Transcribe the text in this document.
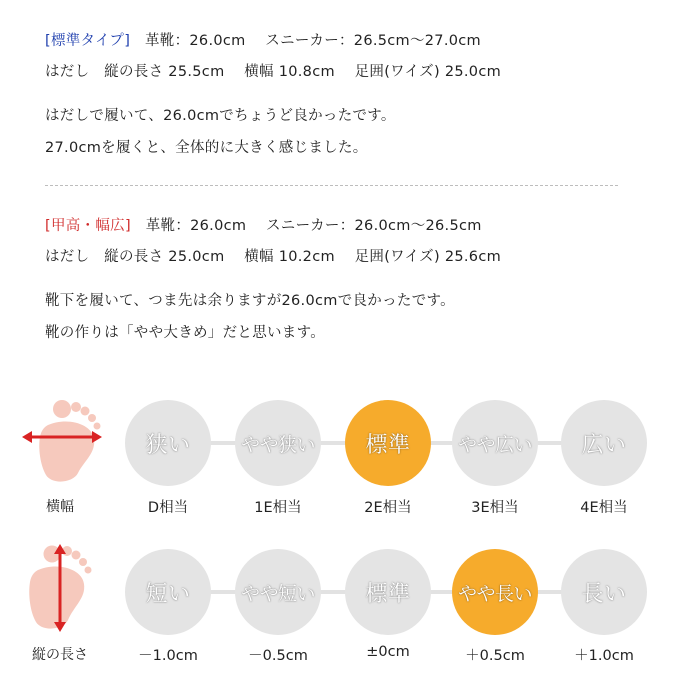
[標準タイプ]　革靴：26.0cm　 スニーカー：26.5cm～27.0cm
はだし　縦の長さ 25.5cm　 横幅 10.8cm　 足囲(ワイズ) 25.0cm
はだしで履いて、26.0cmでちょうど良かったです。
27.0cmを履くと、全体的に大きく感じました。
[甲高・幅広]　革靴：26.0cm　 スニーカー：26.0cm～26.5cm
はだし　縦の長さ 25.0cm　 横幅 10.2cm　 足囲(ワイズ) 25.6cm
靴下を履いて、つま先は余りますが26.0cmで良かったです。
靴の作りは「やや大きめ」だと思います。
横幅
狭い	やや狭い	標準	やや広い	広い
D相当	1E相当	2E相当	3E相当	4E相当
縦の長さ
短い	やや短い	標準	やや長い	長い
－1.0cm	－0.5cm	±0cm	＋0.5cm	＋1.0cm
